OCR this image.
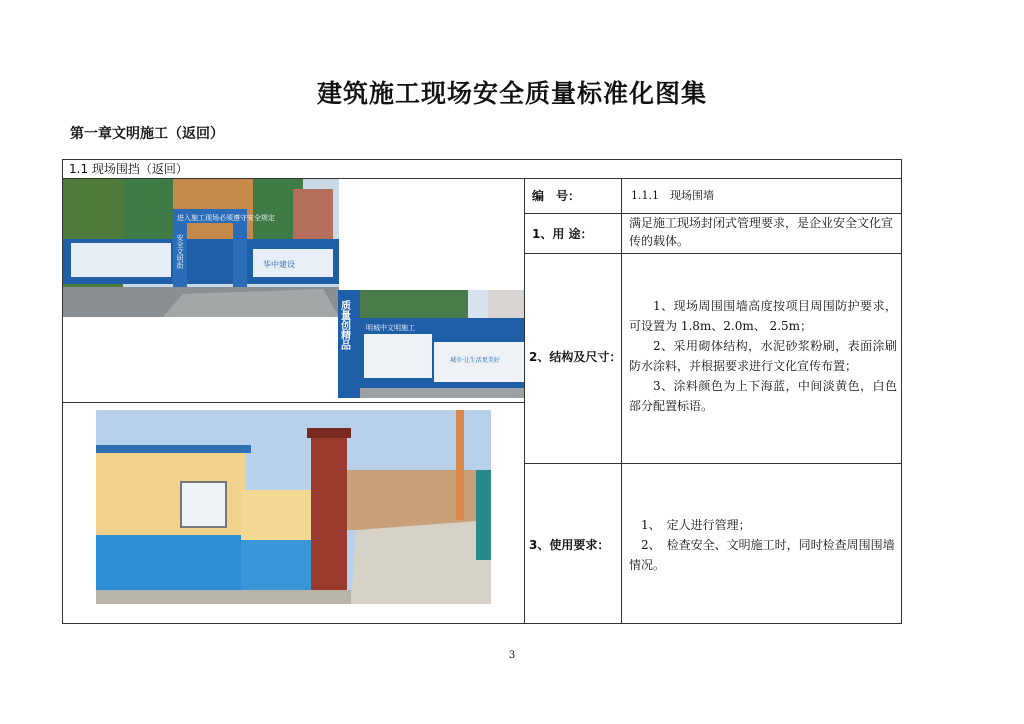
建筑施工现场安全质量标准化图集
第一章文明施工（返回）
1.1 现场围挡（返回）
编　号：	1.1.1　现场围墙
1、用 途：
满足施工现场封闭式管理要求，是企业安全文化宣传的载体。
2、结构及尺寸：
1、现场周围围墙高度按项目周围防护要求，可设置为 1.8m、2.0m、 2.5m；
2、采用砌体结构，水泥砂浆粉刷，表面涂刷防水涂料，并根据要求进行文化宣传布置；
3、涂料颜色为上下海蓝，中间淡黄色，白色部分配置标语。
3、使用要求：
1、　定人进行管理；
2、　检查安全、文明施工时，同时检查周围围墙情况。
进入施工现场必须遵守安全规定
安全文明街	华中建设
质量创精品 明城中文明施工
城市·让生活更美好
3
